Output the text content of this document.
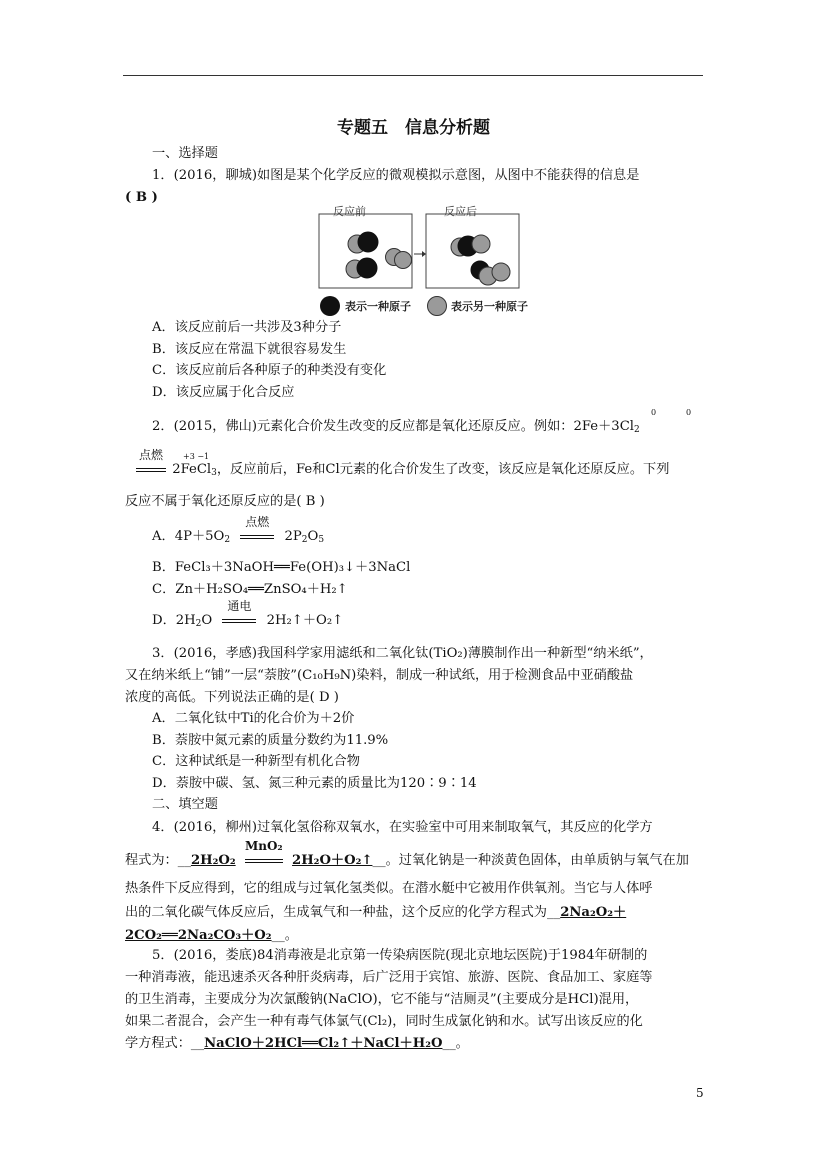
专题五　信息分析题
一、选择题
1．(2016，聊城)如图是某个化学反应的微观模拟示意图，从图中不能获得的信息是
( B )
反应前	反应后
表示一种原子	表示另一种原子
A．该反应前后一共涉及3种分子
B．该反应在常温下就很容易发生
C．该反应前后各种原子的种类没有变化
D．该反应属于化合反应
0	0
2．(2015，佛山)元素化合价发生改变的反应都是氧化还原反应。例如：$2Fe+3Cl_2$
+3 −1
点燃
2FeCl$_3$，反应前后，Fe和Cl元素的化合价发生了改变，该反应是氧化还原反应。下列
反应不属于氧化还原反应的是( B )
A．$4P+5O_2$
点燃
$2P_2O_5$
B．FeCl₃＋3NaOH══Fe(OH)₃↓＋3NaCl
C．Zn＋H₂SO₄══ZnSO₄＋H₂↑
D．$2H_2O$
通电
2H₂↑＋O₂↑
3．(2016，孝感)我国科学家用滤纸和二氧化钛(TiO₂)薄膜制作出一种新型“纳米纸”，
又在纳米纸上“铺”一层“萘胺”(C₁₀H₉N)染料，制成一种试纸，用于检测食品中亚硝酸盐
浓度的高低。下列说法正确的是( D )
A．二氧化钛中Ti的化合价为＋2价
B．萘胺中氮元素的质量分数约为11.9%
C．这种试纸是一种新型有机化合物
D．萘胺中碳、氢、氮三种元素的质量比为120∶9∶14
二、填空题
4．(2016，柳州)过氧化氢俗称双氧水，在实验室中可用来制取氧气，其反应的化学方
程式为：__2H₂O₂
MnO₂
2H₂O＋O₂↑__。过氧化钠是一种淡黄色固体，由单质钠与氧气在加
热条件下反应得到，它的组成与过氧化氢类似。在潜水艇中它被用作供氧剂。当它与人体呼
出的二氧化碳气体反应后，生成氧气和一种盐，这个反应的化学方程式为__2Na₂O₂＋
2CO₂══2Na₂CO₃＋O₂__。
5．(2016，娄底)84消毒液是北京第一传染病医院(现北京地坛医院)于1984年研制的
一种消毒液，能迅速杀灭各种肝炎病毒，后广泛用于宾馆、旅游、医院、食品加工、家庭等
的卫生消毒，主要成分为次氯酸钠(NaClO)，它不能与“洁厕灵”(主要成分是HCl)混用，
如果二者混合，会产生一种有毒气体氯气(Cl₂)，同时生成氯化钠和水。试写出该反应的化
学方程式：__NaClO＋2HCl══Cl₂↑＋NaCl＋H₂O__。
5
